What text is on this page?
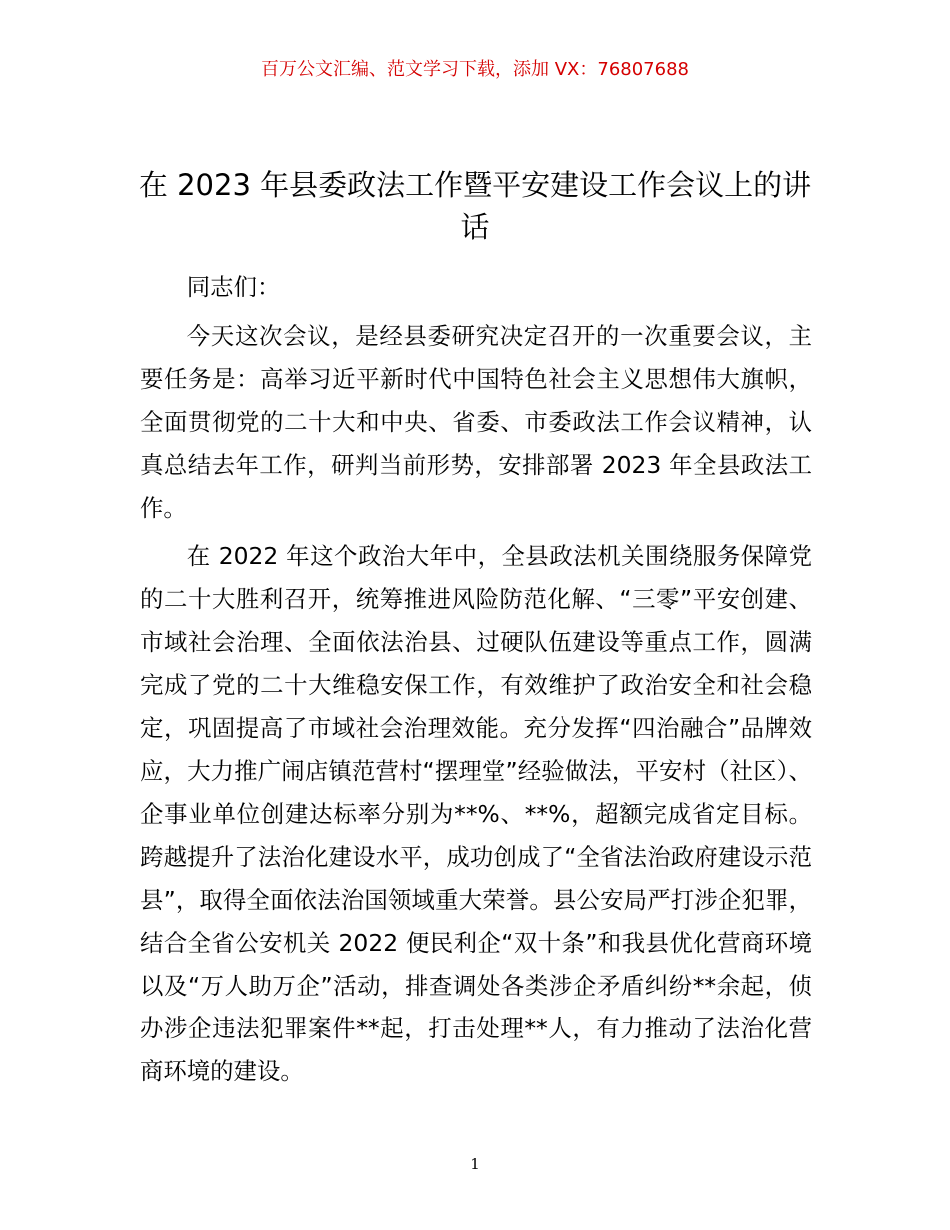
百万公文汇编、范文学习下载，添加 VX：76807688
在 2023 年县委政法工作暨平安建设工作会议上的讲话

同志们：

今天这次会议，是经县委研究决定召开的一次重要会议，主要任务是：高举习近平新时代中国特色社会主义思想伟大旗帜，全面贯彻党的二十大和中央、省委、市委政法工作会议精神，认真总结去年工作，研判当前形势，安排部署 2023 年全县政法工作。

在 2022 年这个政治大年中，全县政法机关围绕服务保障党的二十大胜利召开，统筹推进风险防范化解、“三零”平安创建、市域社会治理、全面依法治县、过硬队伍建设等重点工作，圆满完成了党的二十大维稳安保工作，有效维护了政治安全和社会稳定，巩固提高了市域社会治理效能。充分发挥“四治融合”品牌效应，大力推广闹店镇范营村“摆理堂”经验做法，平安村（社区）、企事业单位创建达标率分别为**%、**%，超额完成省定目标。跨越提升了法治化建设水平，成功创成了“全省法治政府建设示范县”，取得全面依法治国领域重大荣誉。县公安局严打涉企犯罪，结合全省公安机关 2022 便民利企“双十条”和我县优化营商环境以及“万人助万企”活动，排查调处各类涉企矛盾纠纷**余起，侦办涉企违法犯罪案件**起，打击处理**人，有力推动了法治化营商环境的建设。

1
